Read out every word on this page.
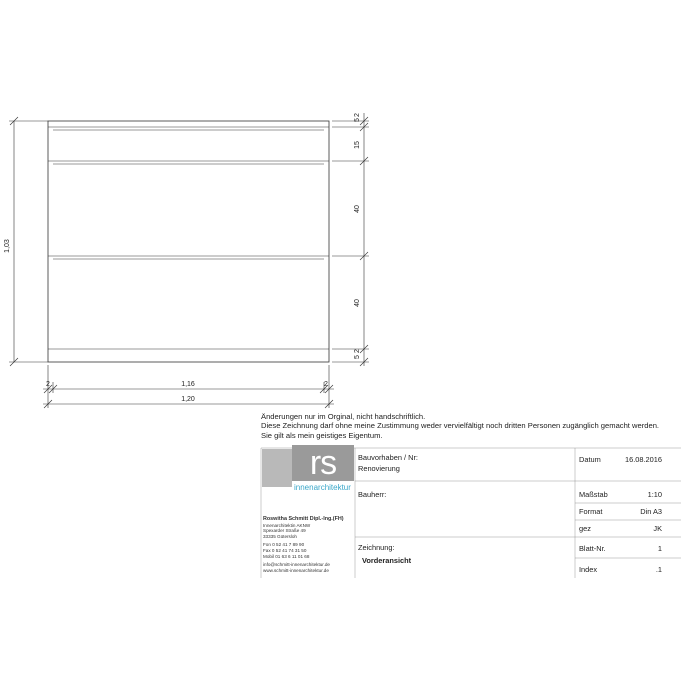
1,03
2
5
15
40
40
2
5
2	1,16	2
1,20
Änderungen nur im Orginal, nicht handschriftlich.
Diese Zeichnung darf ohne meine Zustimmung weder vervielfältigt noch dritten Personen zugänglich gemacht werden.
Sie gilt als mein geistiges Eigentum.
rs
innenarchitektur
Roswitha Schmitt Dipl.-Ing.(FH)
Innenarchitektin AKNW
Spexarder Straße 49
33335 Gütersloh
Fon 0 52 41 7 89 90
Fax 0 52 41 74 31 50
Mobil 01 63 6 11 01 68
info@schmitt-innenarchitektur.de
www.schmitt-innenarchitektur.de
Bauvorhaben / Nr:
Renovierung
Bauherr:
Zeichnung:
Vorderansicht
Datum	16.08.2016
Maßstab	1:10
Format	Din A3
gez	JK
Blatt-Nr.	1
Index	.1
